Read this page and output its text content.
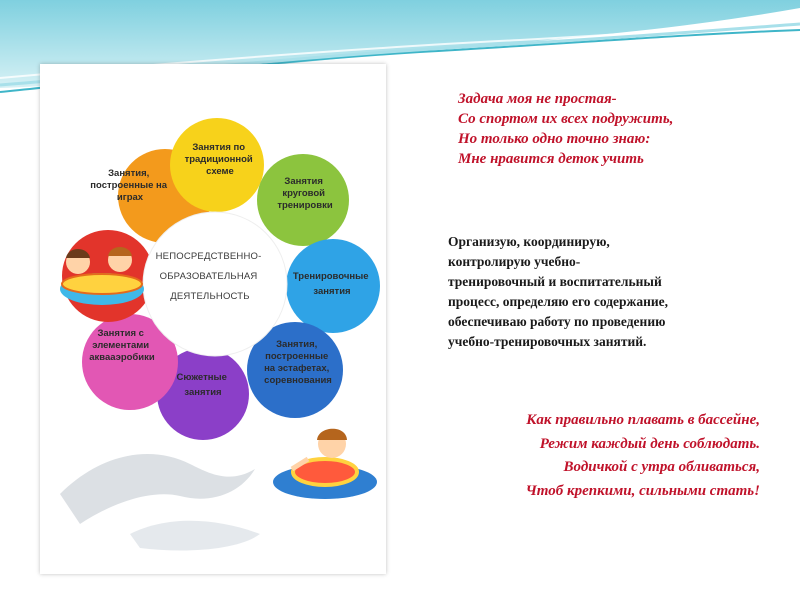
Занятия, построенные на играх
Занятия по традиционной схеме
Занятия круговой тренировки
Тренировочные занятия
Занятия, построенные на эстафетах, соревнования
Сюжетные занятия
Занятия с элементами аквааэробики
НЕПОСРЕДСТВЕННО- ОБРАЗОВАТЕЛЬНАЯ ДЕЯТЕЛЬНОСТЬ
Задача моя не простая-
Со спортом их всех подружить,
Но только одно точно знаю:
Мне нравится деток учить
Организую, координирую,
контролирую учебно-
тренировочный и воспитательный
процесс, определяю его содержание,
обеспечиваю работу по проведению
учебно-тренировочных занятий.
Как правильно плавать в бассейне,
Режим каждый день соблюдать.
Водичкой с утра обливаться,
Чтоб крепкими, сильными стать!
